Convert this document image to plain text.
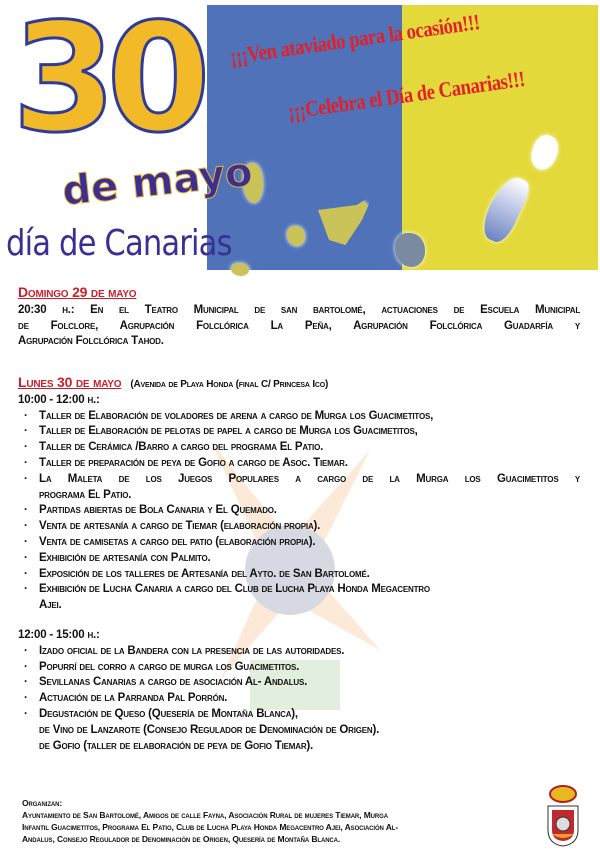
30
de mayo
día de Canarias
¡¡¡Ven ataviado para la ocasión!!!
¡¡¡Celebra el Día de Canarias!!!
Domingo 29 de mayo
20:30 h.: En el Teatro Municipal de san bartolomé, actuaciones de Escuela Municipal
de Folclore, Agrupación Folclórica La Peña, Agrupación Folclórica Guadarfía y
Agrupación Folclórica Tahod.
Lunes 30 de mayo (Avenida de Playa Honda (final C/ Princesa Ico)
10:00 - 12:00 h.:
· Taller de Elaboración de voladores de arena a cargo de Murga los Guacimetitos,
· Taller de Elaboración de pelotas de papel a cargo de Murga los Guacimetitos,
· Taller de Cerámica /Barro a cargo del programa El Patio.
· Taller de preparación de peya de Gofio a cargo de Asoc. Tiemar.
· La Maleta de los Juegos Populares a cargo de la Murga los Guacimetitos y
programa El Patio.
· Partidas abiertas de Bola Canaria y El Quemado.
· Venta de artesanía a cargo de Tiemar (elaboración propia).
· Venta de camisetas a cargo del patio (elaboración propia).
· Exhibición de artesanía con Palmito.
· Exposición de los talleres de Artesanía del Ayto. de San Bartolomé.
· Exhibición de Lucha Canaria a cargo del Club de Lucha Playa Honda Megacentro
Ajei.
12:00 - 15:00 h.:
· Izado oficial de la Bandera con la presencia de las autoridades.
· Popurrí del corro a cargo de murga los Guacimetitos.
· Sevillanas Canarias a cargo de asociación Al- Andalus.
· Actuación de la Parranda Pal Porrón.
· Degustación de Queso (Quesería de Montaña Blanca),
de Vino de Lanzarote (Consejo Regulador de Denominación de Origen).
de Gofio (taller de elaboración de peya de Gofio Tiemar).
Organizan:
Ayuntamiento de San Bartolomé, Amigos de calle Fayna, Asociación Rural de mujeres Tiemar, Murga
Infantil Guacimetitos, Programa El Patio, Club de Lucha Playa Honda Megacentro Ajei, Asociación Al-
Andalus, Consejo Regulador de Denominación de Origen, Quesería de Montaña Blanca.
